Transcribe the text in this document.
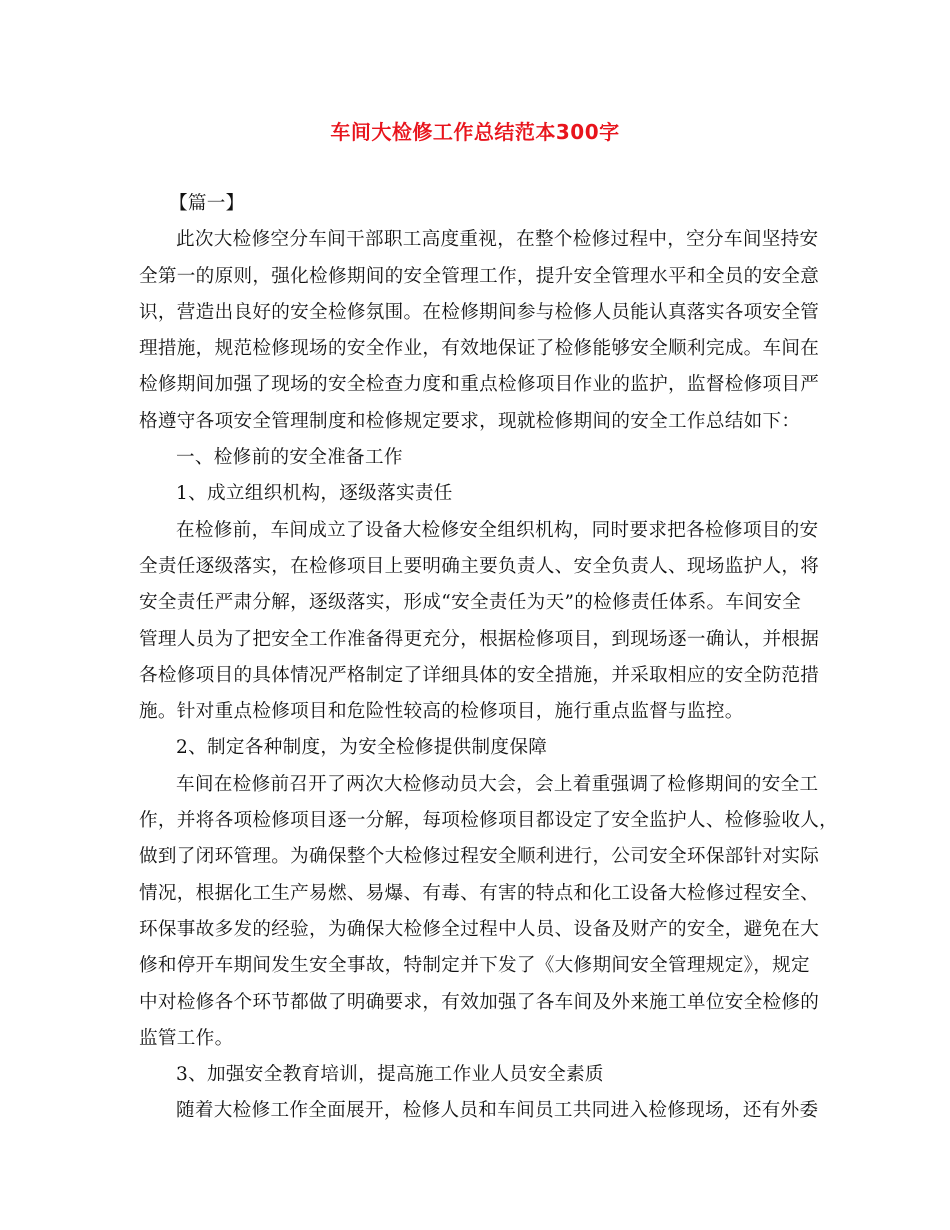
车间大检修工作总结范本300字
【篇一】
此次大检修空分车间干部职工高度重视，在整个检修过程中，空分车间坚持安
全第一的原则，强化检修期间的安全管理工作，提升安全管理水平和全员的安全意
识，营造出良好的安全检修氛围。在检修期间参与检修人员能认真落实各项安全管
理措施，规范检修现场的安全作业，有效地保证了检修能够安全顺利完成。车间在
检修期间加强了现场的安全检查力度和重点检修项目作业的监护，监督检修项目严
格遵守各项安全管理制度和检修规定要求，现就检修期间的安全工作总结如下：
一、检修前的安全准备工作
1、成立组织机构，逐级落实责任
在检修前，车间成立了设备大检修安全组织机构，同时要求把各检修项目的安
全责任逐级落实，在检修项目上要明确主要负责人、安全负责人、现场监护人，将
安全责任严肃分解，逐级落实，形成“安全责任为天”的检修责任体系。车间安全
管理人员为了把安全工作准备得更充分，根据检修项目，到现场逐一确认，并根据
各检修项目的具体情况严格制定了详细具体的安全措施，并采取相应的安全防范措
施。针对重点检修项目和危险性较高的检修项目，施行重点监督与监控。
2、制定各种制度，为安全检修提供制度保障
车间在检修前召开了两次大检修动员大会，会上着重强调了检修期间的安全工
作，并将各项检修项目逐一分解，每项检修项目都设定了安全监护人、检修验收人，
做到了闭环管理。为确保整个大检修过程安全顺利进行，公司安全环保部针对实际
情况，根据化工生产易燃、易爆、有毒、有害的特点和化工设备大检修过程安全、
环保事故多发的经验，为确保大检修全过程中人员、设备及财产的安全，避免在大
修和停开车期间发生安全事故，特制定并下发了《大修期间安全管理规定》，规定
中对检修各个环节都做了明确要求，有效加强了各车间及外来施工单位安全检修的
监管工作。
3、加强安全教育培训，提高施工作业人员安全素质
随着大检修工作全面展开，检修人员和车间员工共同进入检修现场，还有外委
